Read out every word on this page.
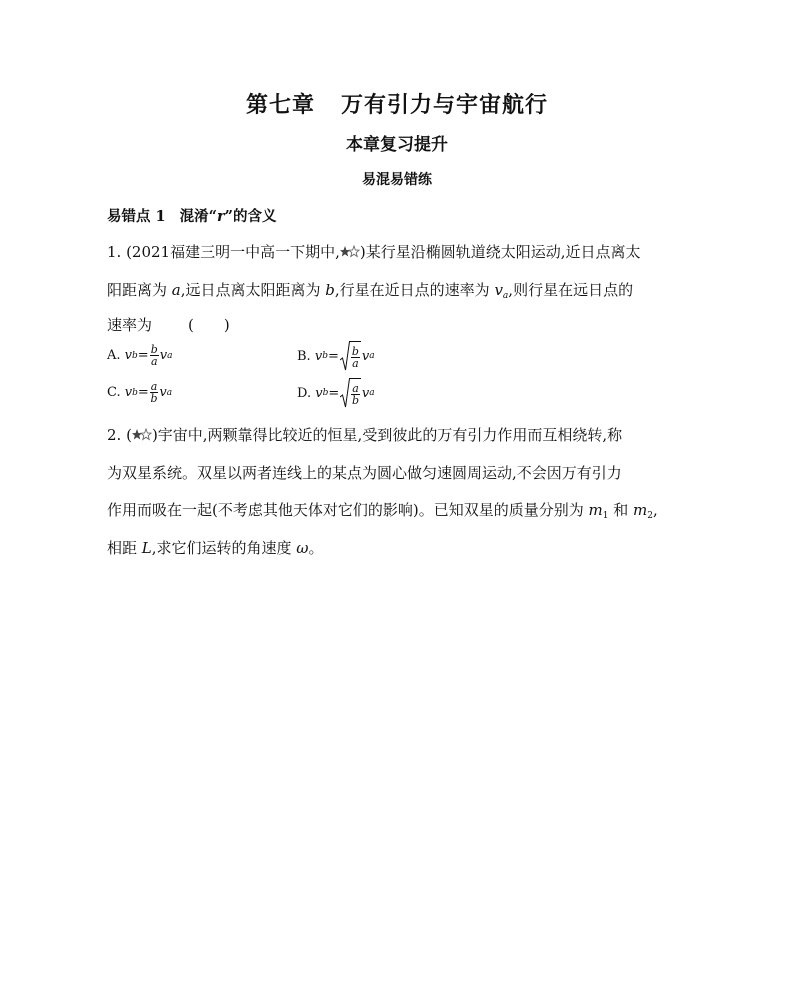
第七章 万有引力与宇宙航行
本章复习提升
易混易错练
易错点 1 混淆“r”的含义
1. (2021福建三明一中高一下期中, )某行星沿椭圆轨道绕太阳运动,近日点离太
阳距离为 a,远日点离太阳距离为 b,行星在近日点的速率为 $v_a$,则行星在远日点的
速率为 ( )
A.
v $b = \frac{b}{a}$ v a	B.
v $b = \frac{b}{a}$ v a
C.
v $b = \frac{a}{b}$ v a	D.
v $b = \frac{a}{b}$ v a
2. ( )宇宙中,两颗靠得比较近的恒星,受到彼此的万有引力作用而互相绕转,称
为双星系统。双星以两者连线上的某点为圆心做匀速圆周运动,不会因万有引力
作用而吸在一起(不考虑其他天体对它们的影响)。已知双星的质量分别为 $m_1$ 和 $m_2$,
相距 L,求它们运转的角速度 ω。
